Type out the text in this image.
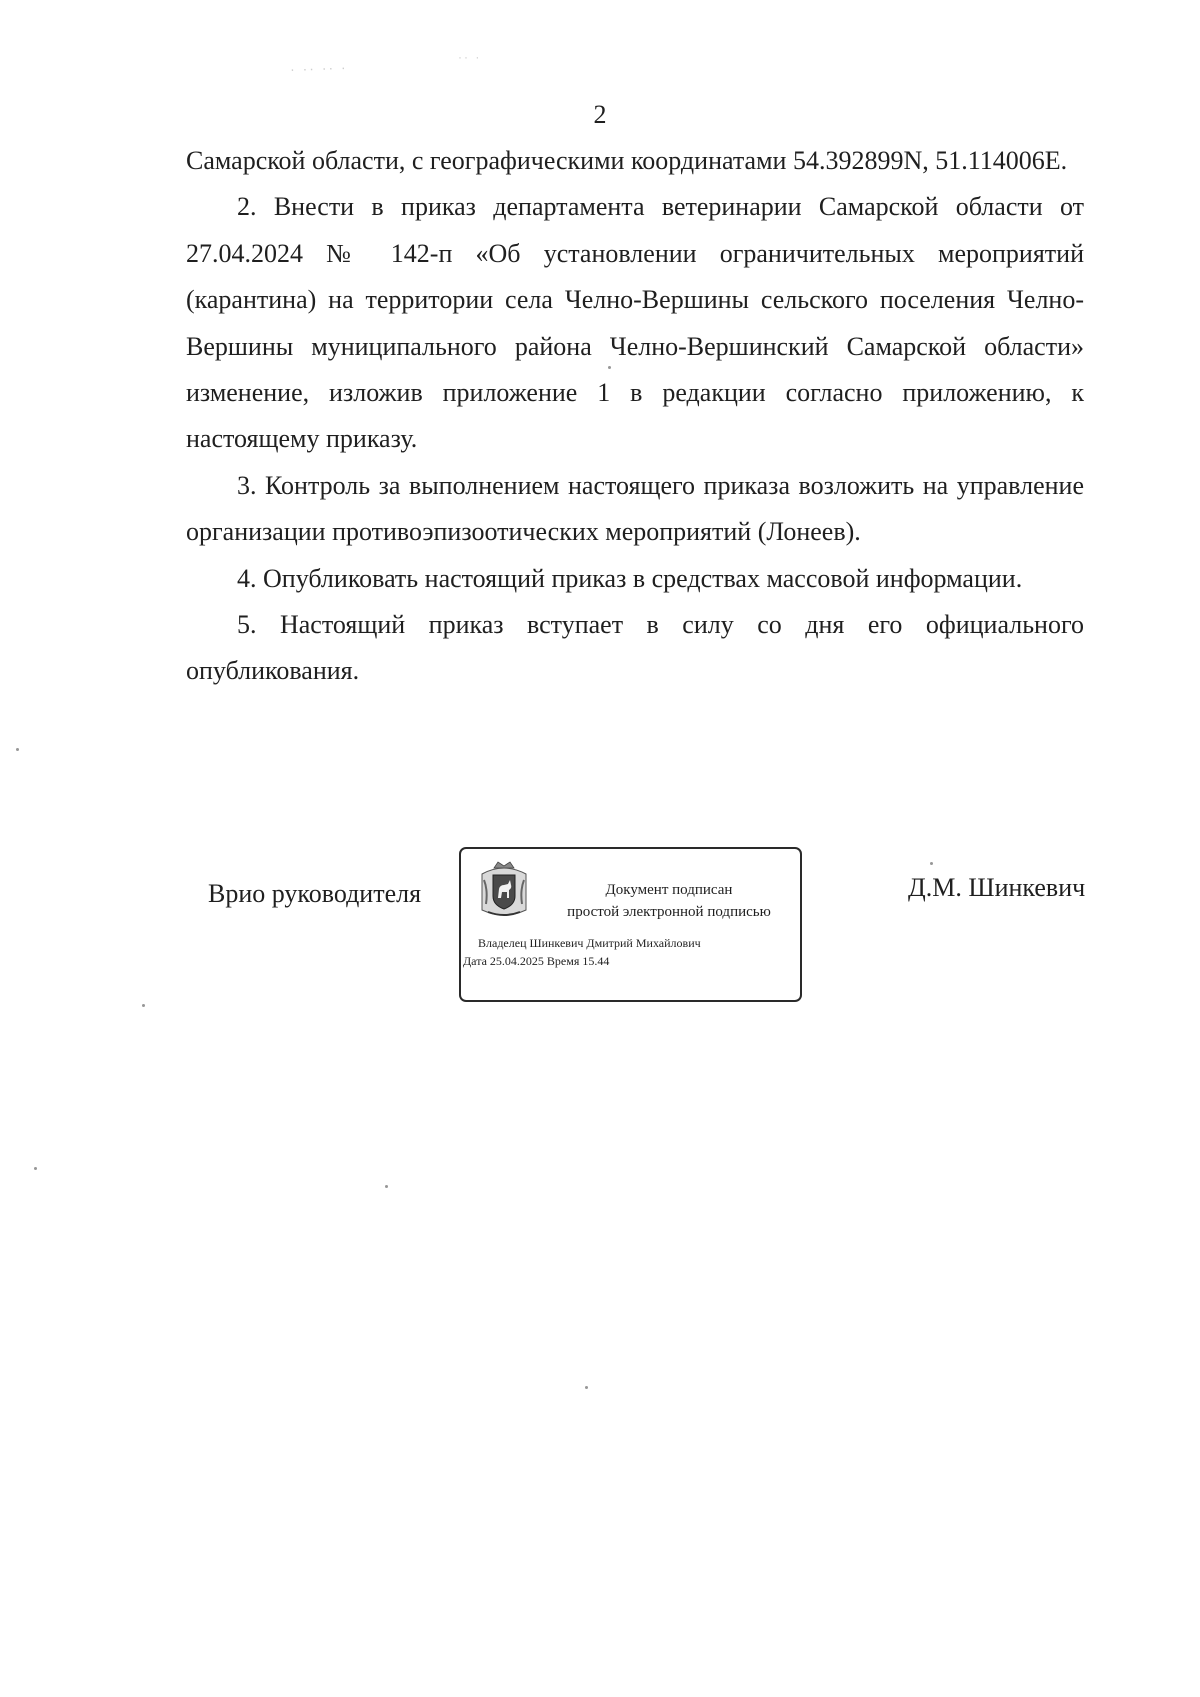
· ·· ·· ·
·· ·
2

Самарской области, с географическими координатами 54.392899N, 51.114006E.

2. Внести в приказ департамента ветеринарии Самарской области от 27.04.2024 № 142-п «Об установлении ограничительных мероприятий (карантина) на территории села Челно-Вершины сельского поселения Челно-Вершины муниципального района Челно-Вершинский Самарской области» изменение, изложив приложение 1 в редакции согласно приложению, к настоящему приказу.

3. Контроль за выполнением настоящего приказа возложить на управление организации противоэпизоотических мероприятий (Лонеев).

4. Опубликовать настоящий приказ в средствах массовой информации.

5. Настоящий приказ вступает в силу со дня его официального опубликования.

Врио руководителя	Документ подписан
простой электронной подписью
Владелец Шинкевич Дмитрий Михайлович
Дата 25.04.2025 Время 15.44
Д.М. Шинкевич
